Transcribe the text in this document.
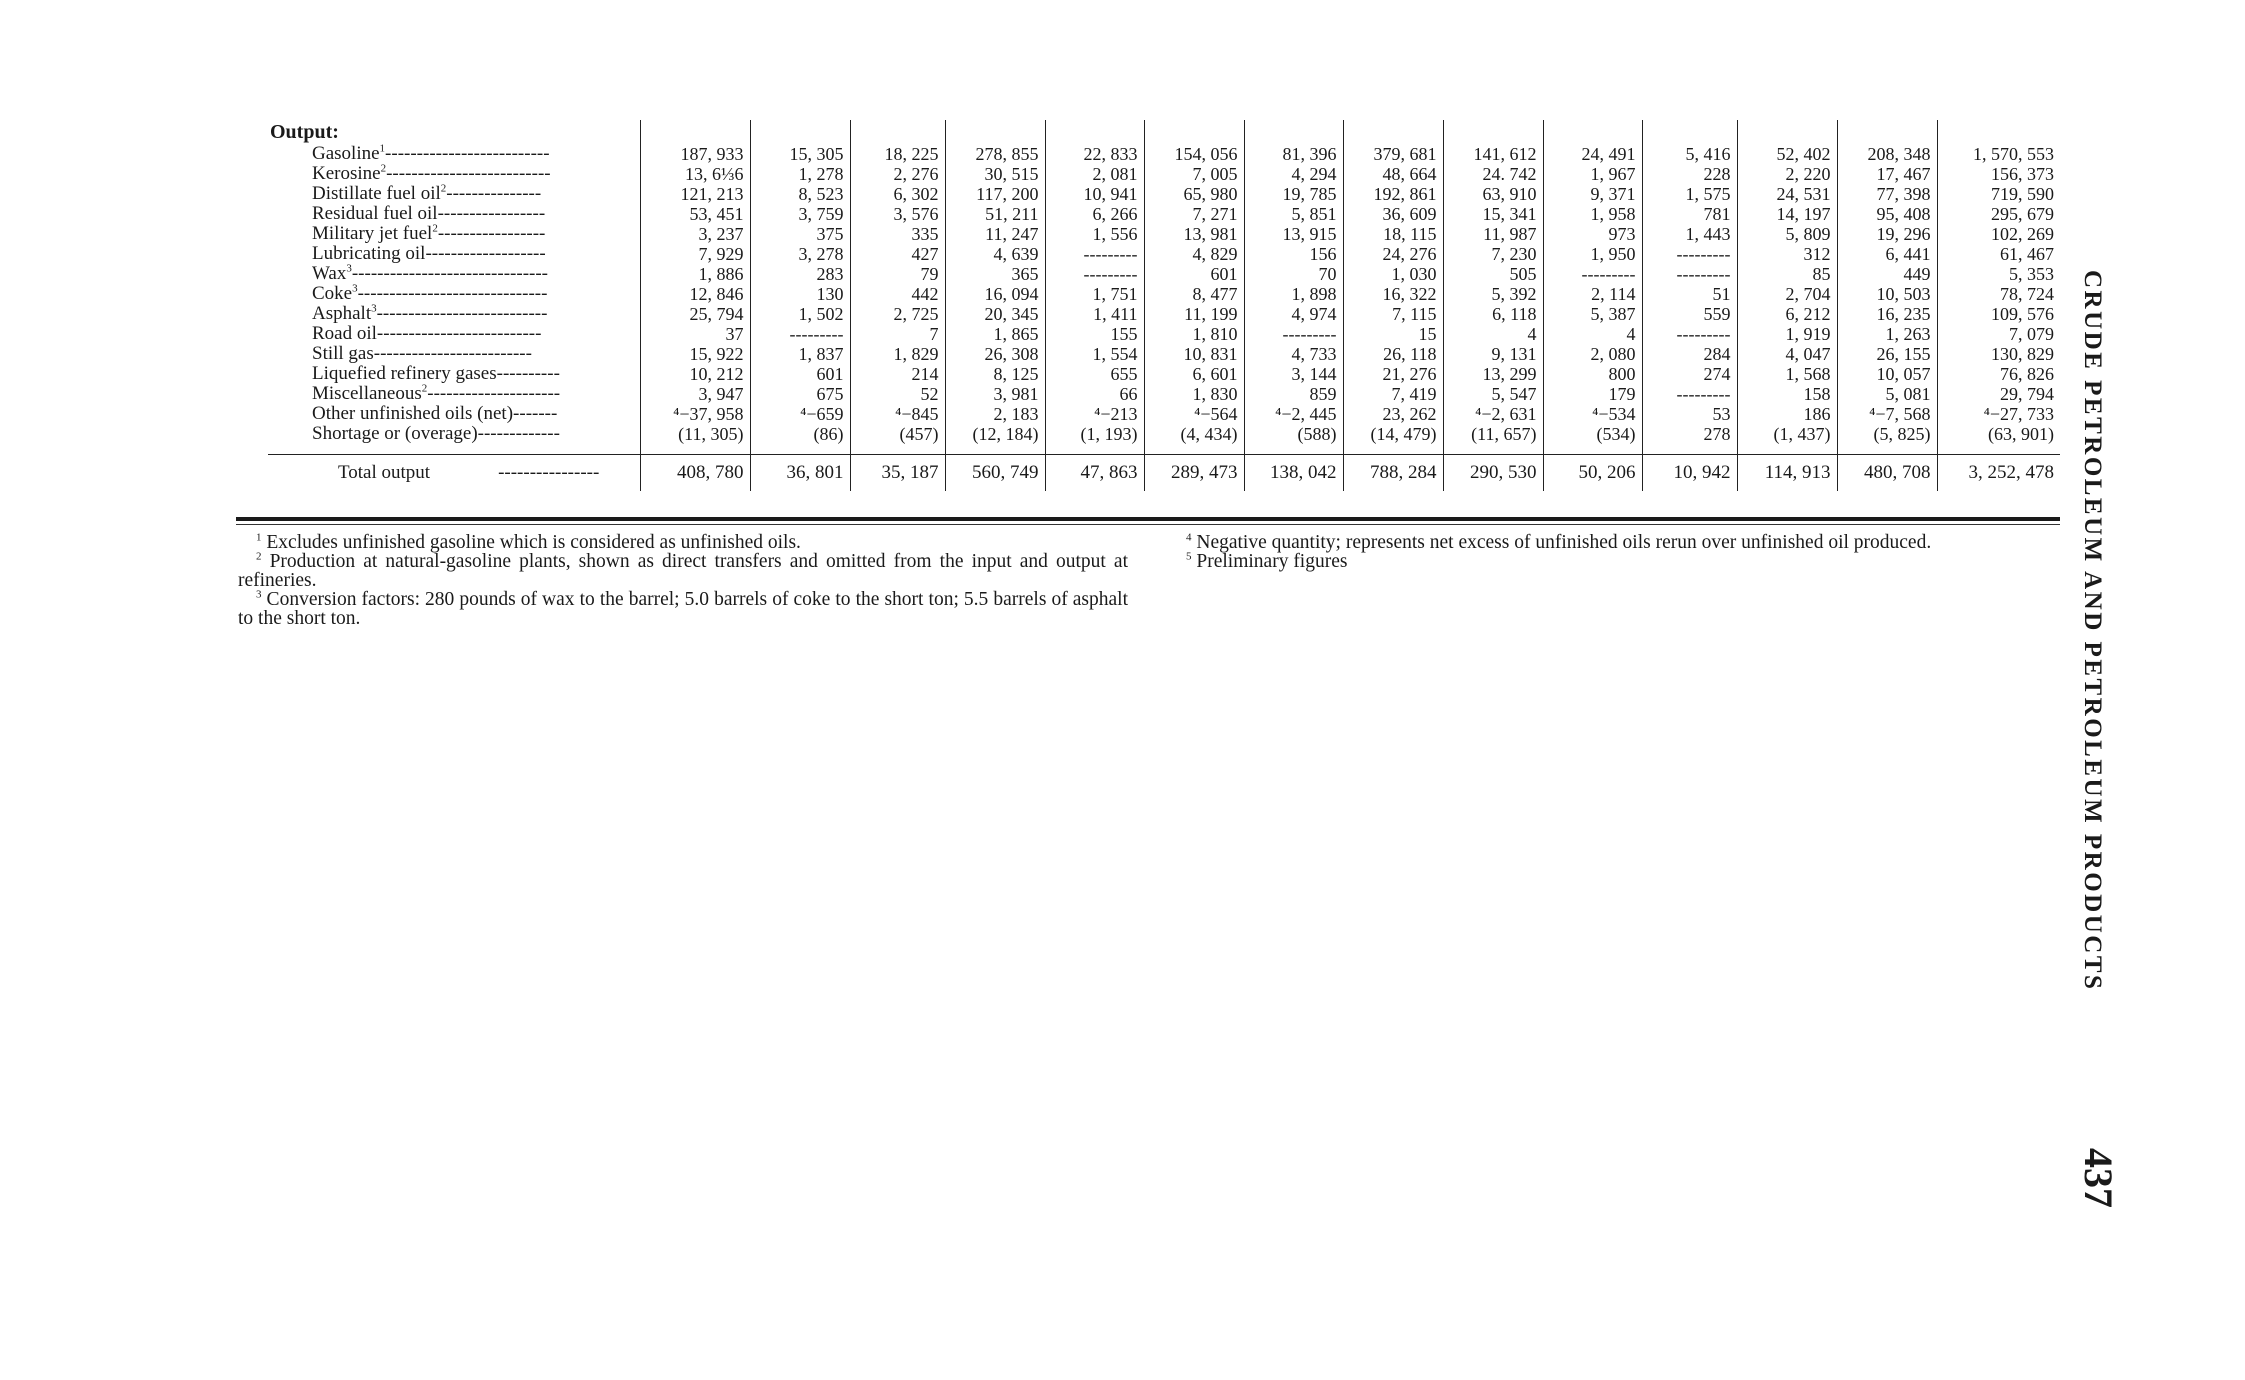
Output:														
Gasoline$^1$--------------------------	187, 933	15, 305	18, 225	278, 855	22, 833	154, 056	81, 396	379, 681	141, 612	24, 491	5, 416	52, 402	208, 348	1, 570, 553
Kerosine$^2$--------------------------	13, 6⅓6	1, 278	2, 276	30, 515	2, 081	7, 005	4, 294	48, 664	24. 742	1, 967	228	2, 220	17, 467	156, 373
Distillate fuel oil$^2$---------------	121, 213	8, 523	6, 302	117, 200	10, 941	65, 980	19, 785	192, 861	63, 910	9, 371	1, 575	24, 531	77, 398	719, 590
Residual fuel oil-----------------	53, 451	3, 759	3, 576	51, 211	6, 266	7, 271	5, 851	36, 609	15, 341	1, 958	781	14, 197	95, 408	295, 679
Military jet fuel$^2$-----------------	3, 237	375	335	11, 247	1, 556	13, 981	13, 915	18, 115	11, 987	973	1, 443	5, 809	19, 296	102, 269
Lubricating oil-------------------	7, 929	3, 278	427	4, 639	---------	4, 829	156	24, 276	7, 230	1, 950	---------	312	6, 441	61, 467
Wax$^3$-------------------------------	1, 886	283	79	365	---------	601	70	1, 030	505	---------	---------	85	449	5, 353
Coke$^3$------------------------------	12, 846	130	442	16, 094	1, 751	8, 477	1, 898	16, 322	5, 392	2, 114	51	2, 704	10, 503	78, 724
Asphalt$^3$---------------------------	25, 794	1, 502	2, 725	20, 345	1, 411	11, 199	4, 974	7, 115	6, 118	5, 387	559	6, 212	16, 235	109, 576
Road oil--------------------------	37	---------	7	1, 865	155	1, 810	---------	15	4	4	---------	1, 919	1, 263	7, 079
Still gas-------------------------	15, 922	1, 837	1, 829	26, 308	1, 554	10, 831	4, 733	26, 118	9, 131	2, 080	284	4, 047	26, 155	130, 829
Liquefied refinery gases----------	10, 212	601	214	8, 125	655	6, 601	3, 144	21, 276	13, 299	800	274	1, 568	10, 057	76, 826
Miscellaneous$^2$---------------------	3, 947	675	52	3, 981	66	1, 830	859	7, 419	5, 547	179	---------	158	5, 081	29, 794
Other unfinished oils (net)-------	⁴−37, 958	⁴−659	⁴−845	2, 183	⁴−213	⁴−564	⁴−2, 445	23, 262	⁴−2, 631	⁴−534	53	186	⁴−7, 568	⁴−27, 733
Shortage or (overage)-------------	(11, 305)	(86)	(457)	(12, 184)	(1, 193)	(4, 434)	(588)	(14, 479)	(11, 657)	(534)	278	(1, 437)	(5, 825)	(63, 901)

Total output ----------------	408, 780	36, 801	35, 187	560, 749	47, 863	289, 473	138, 042	788, 284	290, 530	50, 206	10, 942	114, 913	480, 708	3, 252, 478

$^1$ Excludes unfinished gasoline which is considered as unfinished oils.

$^2$ Production at natural-gasoline plants, shown as direct transfers and omitted from the input and output at refineries.

$^3$ Conversion factors: 280 pounds of wax to the barrel; 5.0 barrels of coke to the short ton; 5.5 barrels of asphalt to the short ton.

$^4$ Negative quantity; represents net excess of unfinished oils rerun over unfinished oil produced.

$^5$ Preliminary figures	CRUDE PETROLEUM AND PETROLEUM PRODUCTS
437
